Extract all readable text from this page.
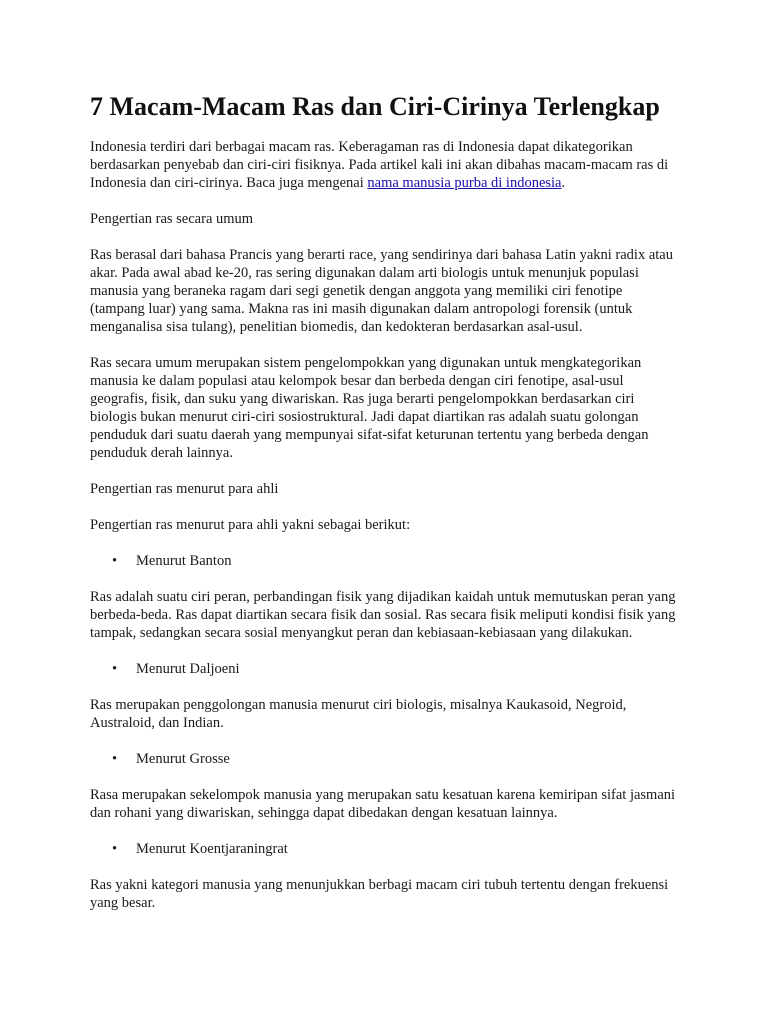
7 Macam-Macam Ras dan Ciri-Cirinya Terlengkap

Indonesia terdiri dari berbagai macam ras. Keberagaman ras di Indonesia dapat dikategorikan berdasarkan penyebab dan ciri-ciri fisiknya. Pada artikel kali ini akan dibahas macam-macam ras di Indonesia dan ciri-cirinya. Baca juga mengenai nama manusia purba di indonesia.

Pengertian ras secara umum

Ras berasal dari bahasa Prancis yang berarti race, yang sendirinya dari bahasa Latin yakni radix atau akar. Pada awal abad ke-20, ras sering digunakan dalam arti biologis untuk menunjuk populasi manusia yang beraneka ragam dari segi genetik dengan anggota yang memiliki ciri fenotipe (tampang luar) yang sama. Makna ras ini masih digunakan dalam antropologi forensik (untuk menganalisa sisa tulang), penelitian biomedis, dan kedokteran berdasarkan asal-usul.

Ras secara umum merupakan sistem pengelompokkan yang digunakan untuk mengkategorikan manusia ke dalam populasi atau kelompok besar dan berbeda dengan ciri fenotipe, asal-usul geografis, fisik, dan suku yang diwariskan. Ras juga berarti pengelompokkan berdasarkan ciri biologis bukan menurut ciri-ciri sosiostruktural. Jadi dapat diartikan ras adalah suatu golongan penduduk dari suatu daerah yang mempunyai sifat-sifat keturunan tertentu yang berbeda dengan penduduk derah lainnya.

Pengertian ras menurut para ahli

Pengertian ras menurut para ahli yakni sebagai berikut:

• Menurut Banton

Ras adalah suatu ciri peran, perbandingan fisik yang dijadikan kaidah untuk memutuskan peran yang berbeda-beda. Ras dapat diartikan secara fisik dan sosial. Ras secara fisik meliputi kondisi fisik yang tampak, sedangkan secara sosial menyangkut peran dan kebiasaan-kebiasaan yang dilakukan.

• Menurut Daljoeni

Ras merupakan penggolongan manusia menurut ciri biologis, misalnya Kaukasoid, Negroid, Australoid, dan Indian.

• Menurut Grosse

Rasa merupakan sekelompok manusia yang merupakan satu kesatuan karena kemiripan sifat jasmani dan rohani yang diwariskan, sehingga dapat dibedakan dengan kesatuan lainnya.

• Menurut Koentjaraningrat

Ras yakni kategori manusia yang menunjukkan berbagi macam ciri tubuh tertentu dengan frekuensi yang besar.
